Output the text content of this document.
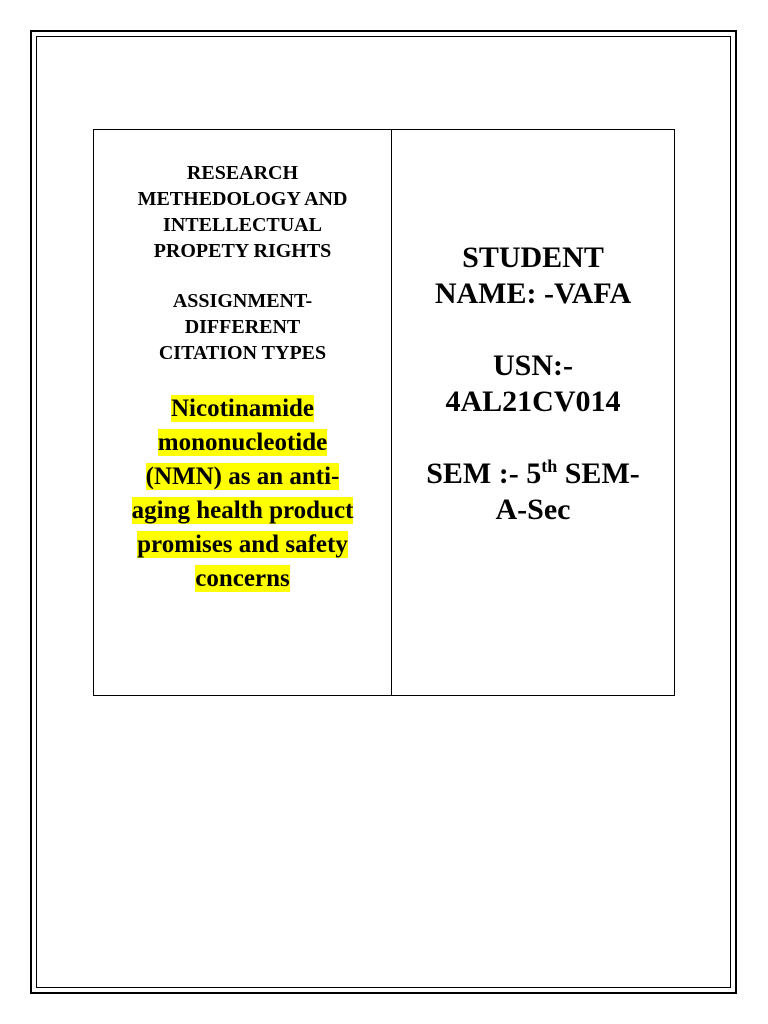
RESEARCH
METHEDOLOGY AND
INTELLECTUAL
PROPETY RIGHTS
ASSIGNMENT-
DIFFERENT
CITATION TYPES
Nicotinamide
mononucleotide
(NMN) as an anti-
aging health product
promises and safety
concerns
STUDENT
NAME: -VAFA
USN:-
4AL21CV014
SEM :- 5th SEM-
A-Sec
